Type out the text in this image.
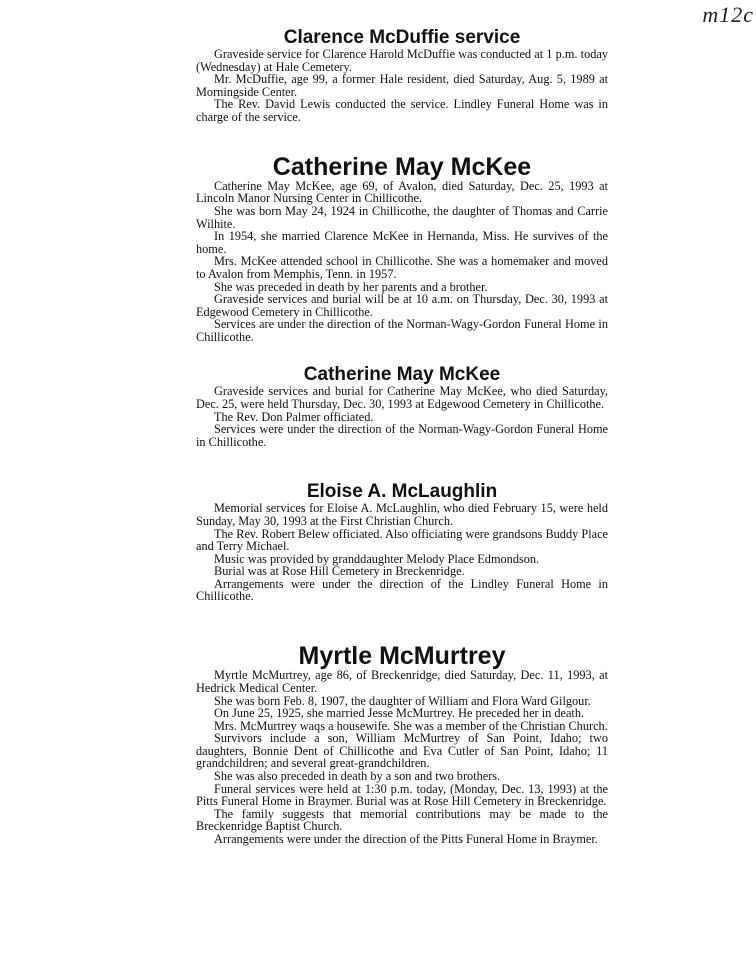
m12c
Clarence McDuffie service

Graveside service for Clarence Harold McDuffie was conducted at 1 p.m. today (Wednesday) at Hale Cemetery.

Mr. McDuffie, age 99, a former Hale resident, died Saturday, Aug. 5, 1989 at Morningside Center.

The Rev. David Lewis conducted the service. Lindley Funeral Home was in charge of the service.

Catherine May McKee

Catherine May McKee, age 69, of Avalon, died Saturday, Dec. 25, 1993 at Lincoln Manor Nursing Center in Chillicothe.

She was born May 24, 1924 in Chillicothe, the daughter of Thomas and Carrie Wilhite.

In 1954, she married Clarence McKee in Hernanda, Miss. He survives of the home.

Mrs. McKee attended school in Chillicothe. She was a homemaker and moved to Avalon from Memphis, Tenn. in 1957.

She was preceded in death by her parents and a brother.

Graveside services and burial will be at 10 a.m. on Thursday, Dec. 30, 1993 at Edgewood Cemetery in Chillicothe.

Services are under the direction of the Norman-Wagy-Gordon Funeral Home in Chillicothe.

Catherine May McKee

Graveside services and burial for Catherine May McKee, who died Saturday, Dec. 25, were held Thursday, Dec. 30, 1993 at Edgewood Cemetery in Chillicothe.

The Rev. Don Palmer officiated.

Services were under the direction of the Norman-Wagy-Gordon Funeral Home in Chillicothe.

Eloise A. McLaughlin

Memorial services for Eloise A. McLaughlin, who died February 15, were held Sunday, May 30, 1993 at the First Christian Church.

The Rev. Robert Belew officiated. Also officiating were grandsons Buddy Place and Terry Michael.

Music was provided by granddaughter Melody Place Edmondson.

Burial was at Rose Hill Cemetery in Breckenridge.

Arrangements were under the direction of the Lindley Funeral Home in Chillicothe.

Myrtle McMurtrey

Myrtle McMurtrey, age 86, of Breckenridge, died Saturday, Dec. 11, 1993, at Hedrick Medical Center.

She was born Feb. 8, 1907, the daughter of William and Flora Ward Gilgour.

On June 25, 1925, she married Jesse McMurtrey. He preceded her in death.

Mrs. McMurtrey waqs a housewife. She was a member of the Christian Church.

Survivors include a son, William McMurtrey of San Point, Idaho; two daughters, Bonnie Dent of Chillicothe and Eva Cutler of San Point, Idaho; 11 grandchildren; and several great-grandchildren.

She was also preceded in death by a son and two brothers.

Funeral services were held at 1:30 p.m. today, (Monday, Dec. 13, 1993) at the Pitts Funeral Home in Braymer. Burial was at Rose Hill Cemetery in Breckenridge.

The family suggests that memorial contributions may be made to the Breckenridge Baptist Church.

Arrangements were under the direction of the Pitts Funeral Home in Braymer.
